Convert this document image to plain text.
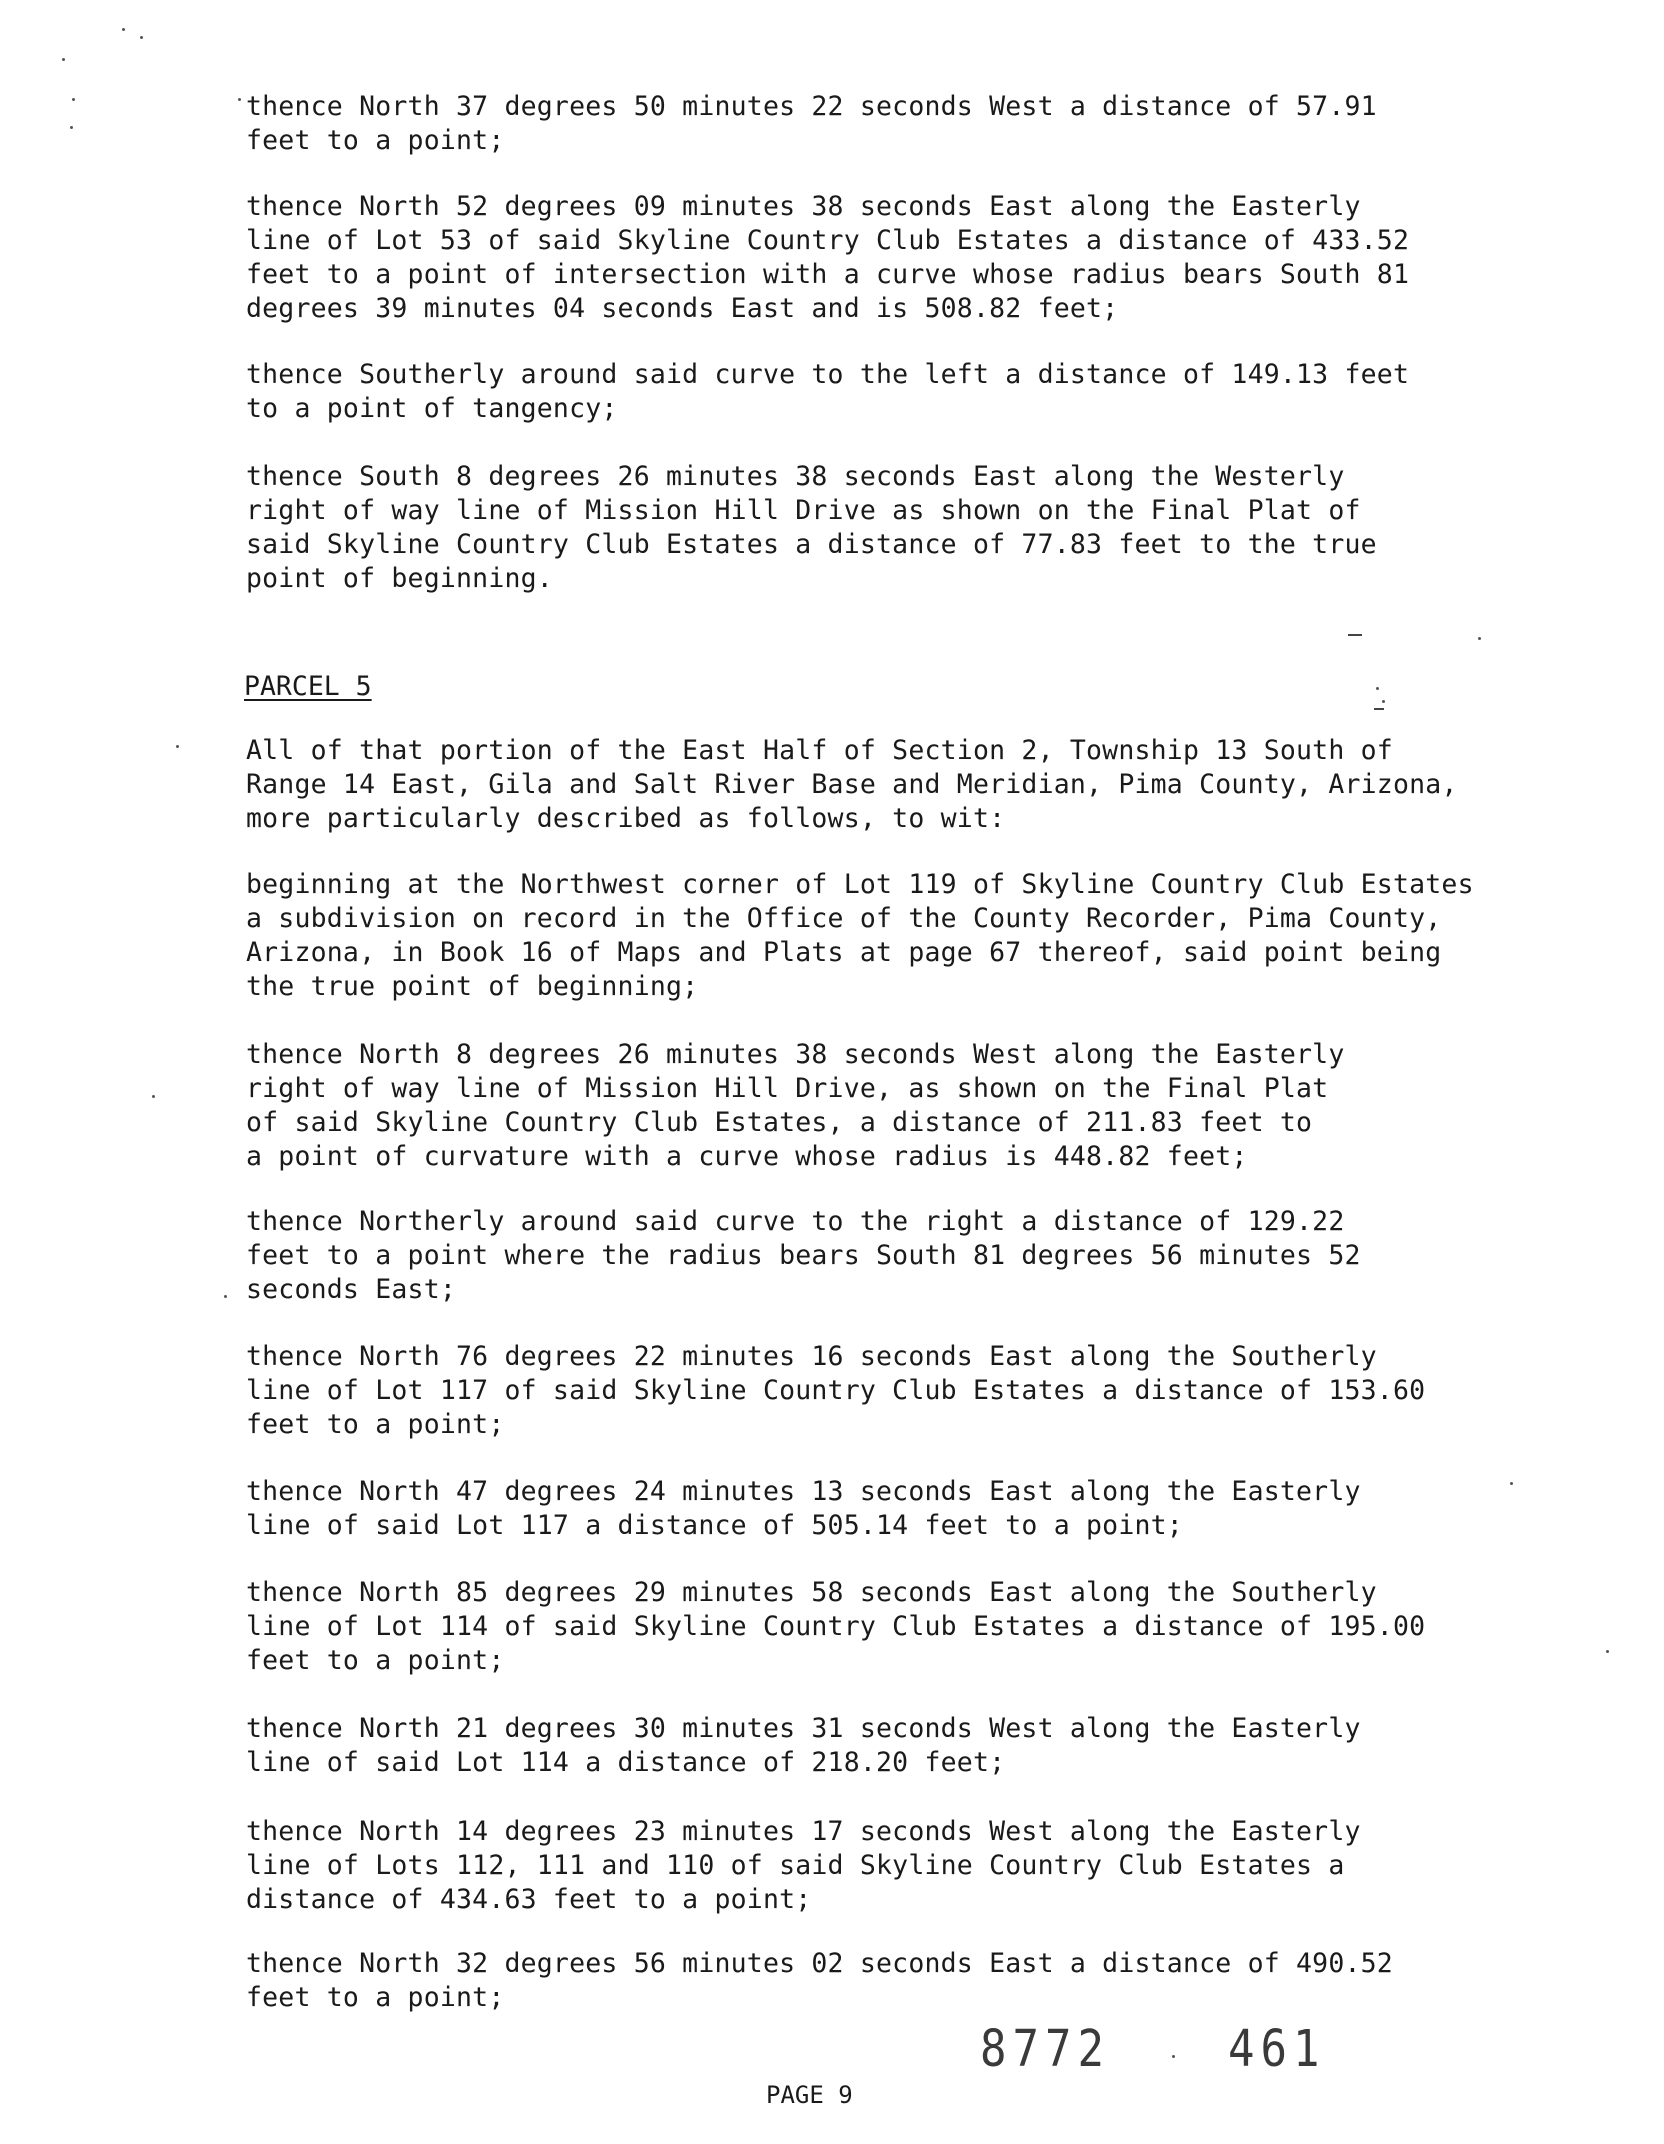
thence North 37 degrees 50 minutes 22 seconds West a distance of 57.91
feet to a point;
thence North 52 degrees 09 minutes 38 seconds East along the Easterly
line of Lot 53 of said Skyline Country Club Estates a distance of 433.52
feet to a point of intersection with a curve whose radius bears South 81
degrees 39 minutes 04 seconds East and is 508.82 feet;
thence Southerly around said curve to the left a distance of 149.13 feet
to a point of tangency;
thence South 8 degrees 26 minutes 38 seconds East along the Westerly
right of way line of Mission Hill Drive as shown on the Final Plat of
said Skyline Country Club Estates a distance of 77.83 feet to the true
point of beginning.
PARCEL 5
All of that portion of the East Half of Section 2, Township 13 South of
Range 14 East, Gila and Salt River Base and Meridian, Pima County, Arizona,
more particularly described as follows, to wit:
beginning at the Northwest corner of Lot 119 of Skyline Country Club Estates
a subdivision on record in the Office of the County Recorder, Pima County,
Arizona, in Book 16 of Maps and Plats at page 67 thereof, said point being
the true point of beginning;
thence North 8 degrees 26 minutes 38 seconds West along the Easterly
right of way line of Mission Hill Drive, as shown on the Final Plat
of said Skyline Country Club Estates, a distance of 211.83 feet to
a point of curvature with a curve whose radius is 448.82 feet;
thence Northerly around said curve to the right a distance of 129.22
feet to a point where the radius bears South 81 degrees 56 minutes 52
seconds East;
thence North 76 degrees 22 minutes 16 seconds East along the Southerly
line of Lot 117 of said Skyline Country Club Estates a distance of 153.60
feet to a point;
thence North 47 degrees 24 minutes 13 seconds East along the Easterly
line of said Lot 117 a distance of 505.14 feet to a point;
thence North 85 degrees 29 minutes 58 seconds East along the Southerly
line of Lot 114 of said Skyline Country Club Estates a distance of 195.00
feet to a point;
thence North 21 degrees 30 minutes 31 seconds West along the Easterly
line of said Lot 114 a distance of 218.20 feet;
thence North 14 degrees 23 minutes 17 seconds West along the Easterly
line of Lots 112, 111 and 110 of said Skyline Country Club Estates a
distance of 434.63 feet to a point;
thence North 32 degrees 56 minutes 02 seconds East a distance of 490.52
feet to a point;
8772	461
PAGE 9
